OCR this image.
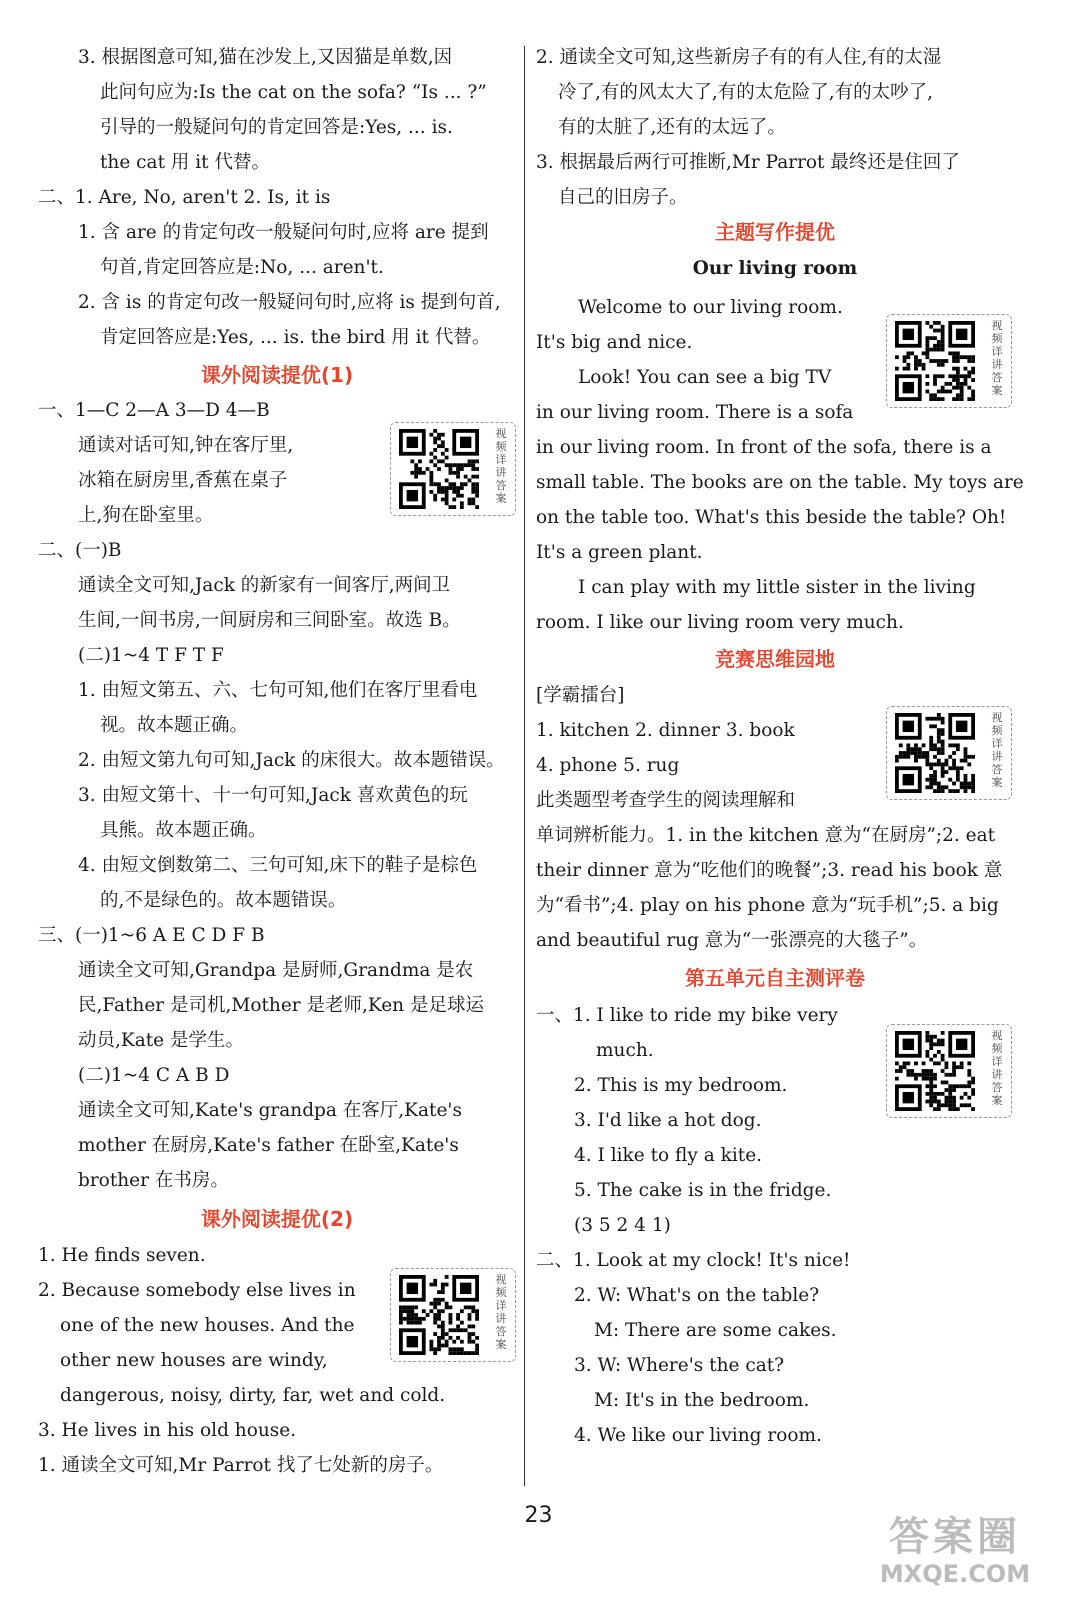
3. 根据图意可知,猫在沙发上,又因猫是单数,因
此问句应为:Is the cat on the sofa? “Is ... ?”
引导的一般疑问句的肯定回答是:Yes, ... is.
the cat 用 it 代替。
二、1. Are, No, aren't 2. Is, it is
1. 含 are 的肯定句改一般疑问句时,应将 are 提到
句首,肯定回答应是:No, ... aren't.
2. 含 is 的肯定句改一般疑问句时,应将 is 提到句首,
肯定回答应是:Yes, ... is. the bird 用 it 代替。
一、1—C 2—A 3—D 4—B
通读对话可知,钟在客厅里,
冰箱在厨房里,香蕉在桌子
上,狗在卧室里。
二、(一)B
通读全文可知,Jack 的新家有一间客厅,两间卫
生间,一间书房,一间厨房和三间卧室。故选 B。
(二)1~4 T F T F
1. 由短文第五、六、七句可知,他们在客厅里看电
视。故本题正确。
2. 由短文第九句可知,Jack 的床很大。故本题错误。
3. 由短文第十、十一句可知,Jack 喜欢黄色的玩
具熊。故本题正确。
4. 由短文倒数第二、三句可知,床下的鞋子是棕色
的,不是绿色的。故本题错误。
三、(一)1~6 A E C D F B
通读全文可知,Grandpa 是厨师,Grandma 是农
民,Father 是司机,Mother 是老师,Ken 是足球运
动员,Kate 是学生。
(二)1~4 C A B D
通读全文可知,Kate's grandpa 在客厅,Kate's
mother 在厨房,Kate's father 在卧室,Kate's
brother 在书房。
1. He finds seven.
2. Because somebody else lives in
one of the new houses. And the
other new houses are windy,
dangerous, noisy, dirty, far, wet and cold.
3. He lives in his old house.
1. 通读全文可知,Mr Parrot 找了七处新的房子。
课外阅读提优(1)
课外阅读提优(2)
2. 通读全文可知,这些新房子有的有人住,有的太湿
冷了,有的风太大了,有的太危险了,有的太吵了,
有的太脏了,还有的太远了。
3. 根据最后两行可推断,Mr Parrot 最终还是住回了
自己的旧房子。
Welcome to our living room.
It's big and nice.
Look! You can see a big TV
in our living room. There is a sofa
in our living room. In front of the sofa, there is a
small table. The books are on the table. My toys are
on the table too. What's this beside the table? Oh!
It's a green plant.
I can play with my little sister in the living
room. I like our living room very much.
[学霸擂台]
1. kitchen 2. dinner 3. book
4. phone 5. rug
此类题型考查学生的阅读理解和
单词辨析能力。1. in the kitchen 意为“在厨房”;2. eat
their dinner 意为“吃他们的晚餐”;3. read his book 意
为“看书”;4. play on his phone 意为“玩手机”;5. a big
and beautiful rug 意为“一张漂亮的大毯子”。
一、1. I like to ride my bike very
much.
2. This is my bedroom.
3. I'd like a hot dog.
4. I like to fly a kite.
5. The cake is in the fridge.
(3 5 2 4 1)
二、1. Look at my clock! It's nice!
2. W: What's on the table?
M: There are some cakes.
3. W: Where's the cat?
M: It's in the bedroom.
4. We like our living room.
主题写作提优
竞赛思维园地
第五单元自主测评卷
Our living room
视频详讲答案
视频详讲答案
视频详讲答案
视频详讲答案
视频详讲答案
23	答案圈
MXQE.COM
